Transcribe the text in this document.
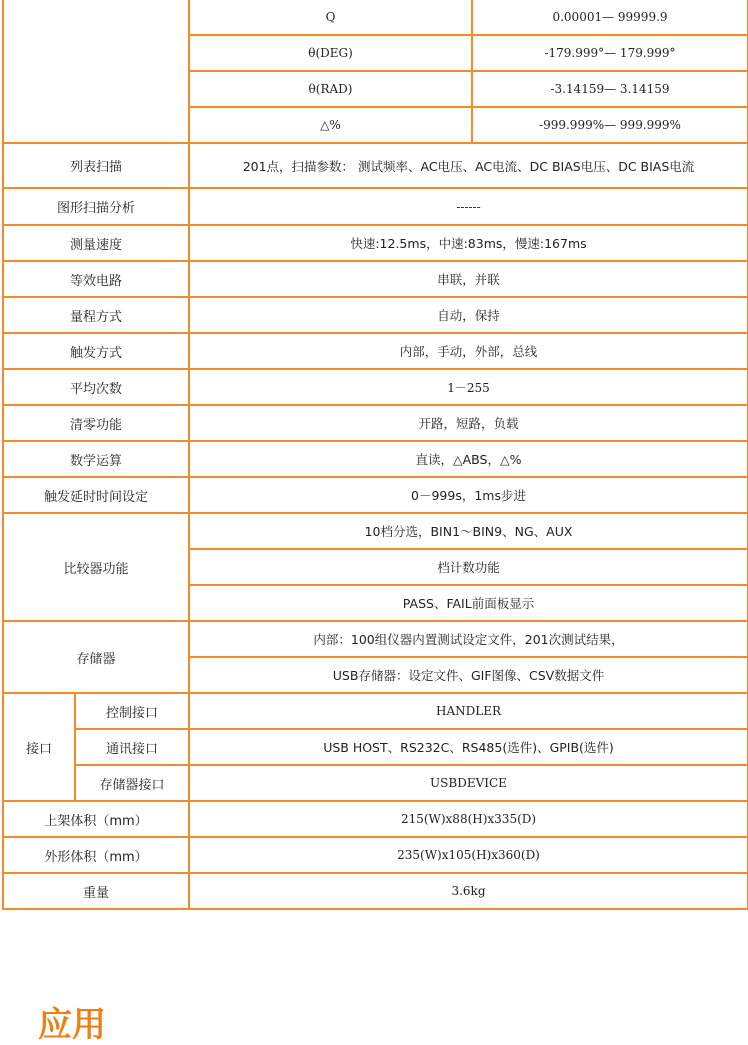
		Q	0.00001— 99999.9
		θ(DEG)	-179.999°— 179.999°
		θ(RAD)	-3.14159— 3.14159
		△%	-999.999%— 999.999%
列表扫描		201点，扫描参数： 测试频率、AC电压、AC电流、DC BIAS电压、DC BIAS电流	
图形扫描分析		------	
测量速度		快速:12.5ms，中速:83ms，慢速:167ms	
等效电路		串联，并联	
量程方式		自动，保持	
触发方式		内部，手动，外部，总线	
平均次数		1－255	
清零功能		开路，短路，负载	
数学运算		直读，△ABS，△%	
触发延时时间设定		0－999s，1ms步进	
比较器功能		10档分选，BIN1～BIN9、NG、AUX	
		档计数功能	
		PASS、FAIL前面板显示	
存储器		内部：100组仪器内置测试设定文件，201次测试结果，	
		USB存储器：设定文件、GIF图像、CSV数据文件	
接口	控制接口	HANDLER	
	通讯接口	USB HOST、RS232C、RS485(选件)、GPIB(选件)	
	存储器接口	USBDEVICE	
上架体积（mm）		215(W)x88(H)x335(D)	
外形体积（mm）		235(W)x105(H)x360(D)	
重量		3.6kg	
应用
